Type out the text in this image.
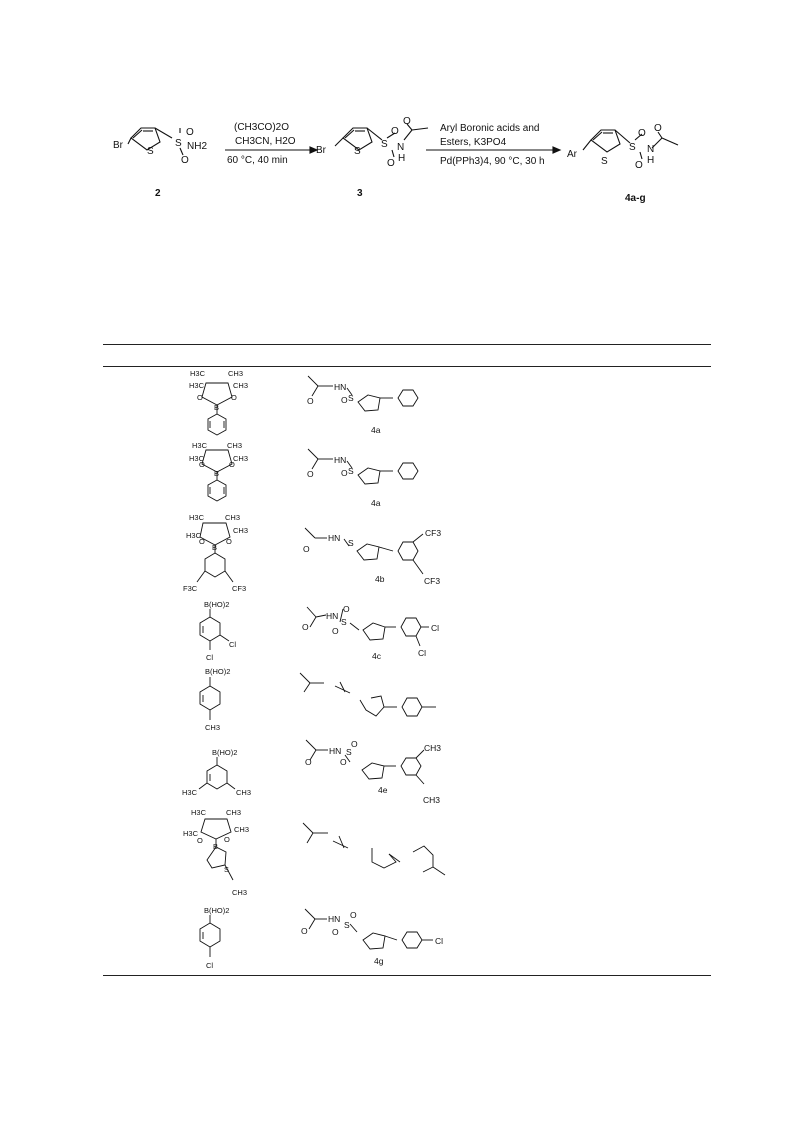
Br
S
S
O
NH2
O
Br	S
S
O
O
N
H
O
Ar
S
S
O
O
N
H
O
(CH3CO)2O
CH3CN, H2O
60 °C, 40 min
Aryl Boronic acids and
Esters, K3PO4
Pd(PPh3)4, 90 °C, 30 h
2	3	4a-g
H3C	CH3
H3C	CH3
O	O
B
HN
S
O
O
4a
H3C	CH3
H3C	CH3
O	O
B
HN
S
O
O
4a
H3C	CH3
H3C
CH3
O	O
B
F3C	CF3
HN S
O
CF3
CF3
4b
B(HO)2
Cl
Cl
HN
S
O
O
O	Cl
Cl
4c
B(HO)2
CH3
B(HO)2
H3C	CH3
HN S
O
O
O
CH3
CH3
4e
H3C	CH3
H3C	CH3
O	O
B
S
CH3
B(HO)2
Cl
HN
S
O
O
O
Cl
4g
